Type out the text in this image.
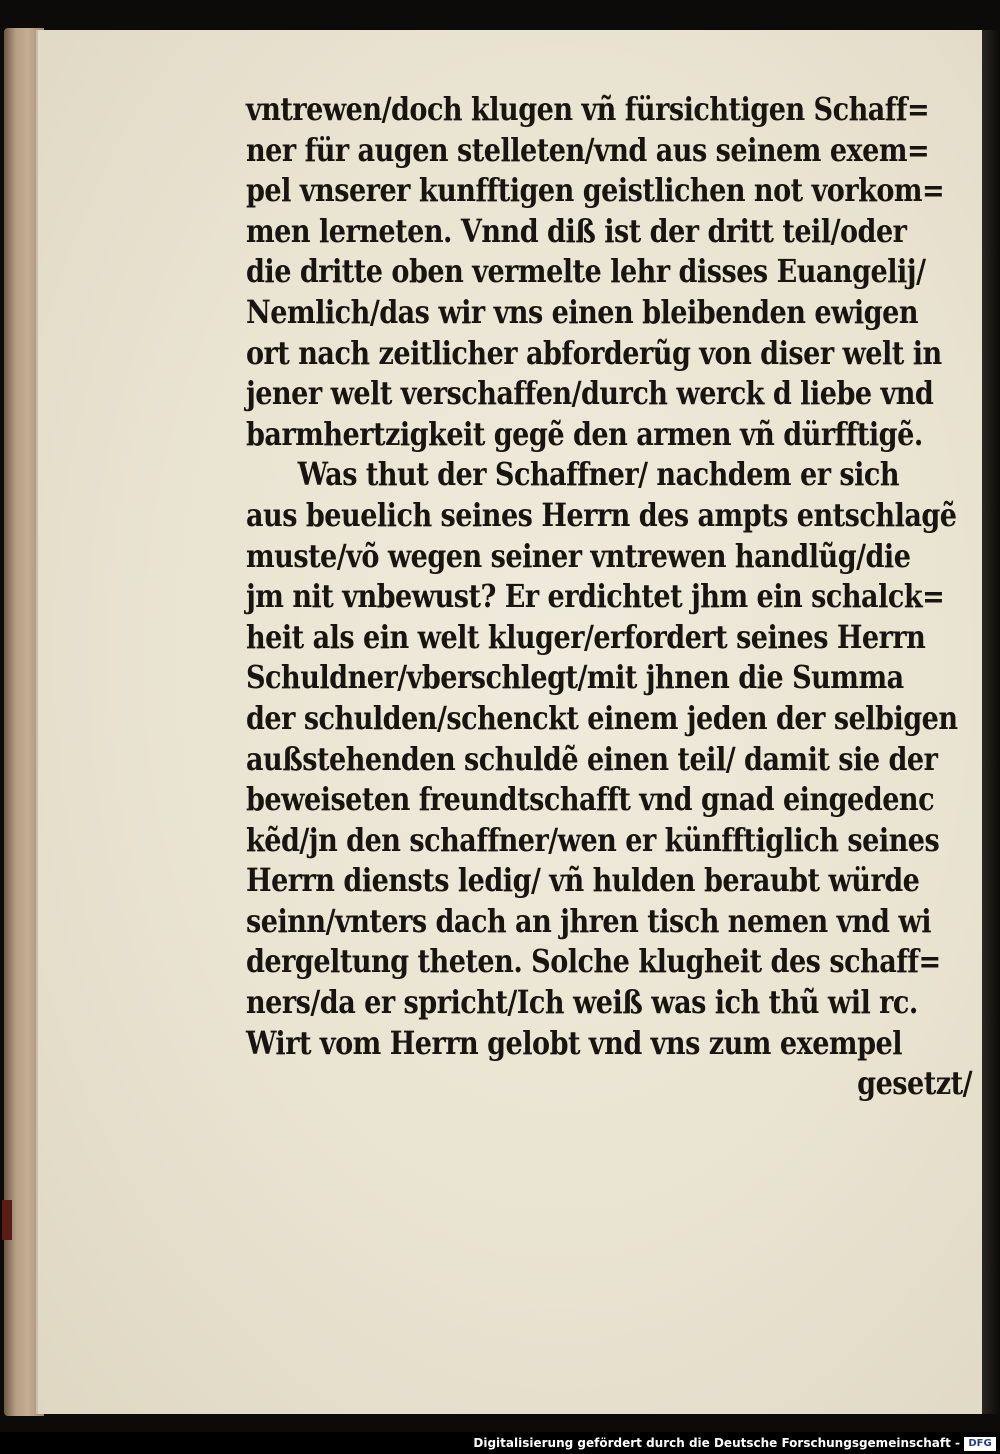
vntrewen/doch klugen vñ fürsichtigen Schaff=
ner für augen stelleten/vnd aus seinem exem=
pel vnserer kunfftigen geistlichen not vorkom=
men lerneten. Vnnd diß ist der dritt teil/oder
die dritte oben vermelte lehr disses Euangelij/
Nemlich/das wir vns einen bleibenden ewigen
ort nach zeitlicher abforderũg von diser welt in
jener welt verschaffen/durch werck d liebe vnd
barmhertzigkeit gegẽ den armen vñ dürfftigẽ.
Was thut der Schaffner/ nachdem er sich
aus beuelich seines Herrn des ampts entschlagẽ
muste/võ wegen seiner vntrewen handlũg/die
jm nit vnbewust? Er erdichtet jhm ein schalck=
heit als ein welt kluger/erfordert seines Herrn
Schuldner/vberschlegt/mit jhnen die Summa
der schulden/schenckt einem jeden der selbigen
außstehenden schuldẽ einen teil/ damit sie der
beweiseten freundtschafft vnd gnad eingedenc
kẽd/jn den schaffner/wen er künfftiglich seines
Herrn diensts ledig/ vñ hulden beraubt würde
seinn/vnters dach an jhren tisch nemen vnd wi
dergeltung theten. Solche klugheit des schaff=
ners/da er spricht/Ich weiß was ich thũ wil rc.
Wirt vom Herrn gelobt vnd vns zum exempel
gesetzt/
Digitalisierung gefördert durch die Deutsche Forschungsgemeinschaft - DFG
